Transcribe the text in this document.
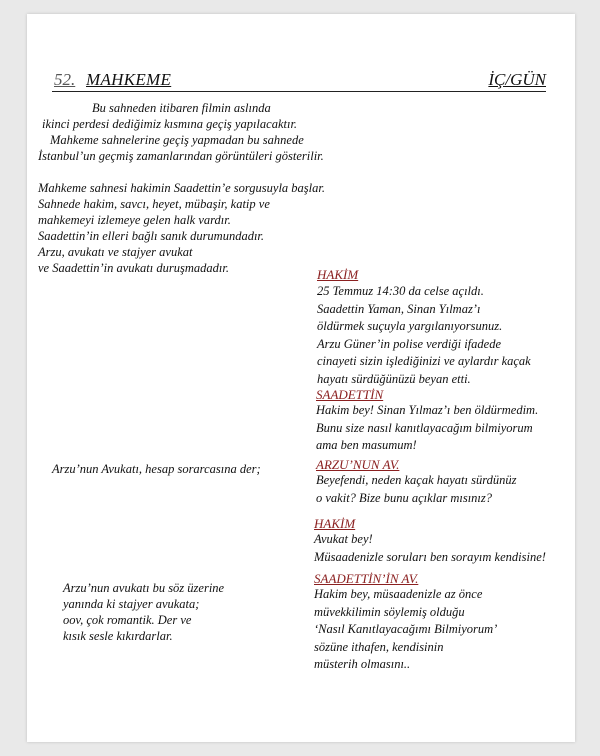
52. MAHKEME	İÇ/GÜN
Bu sahneden itibaren filmin aslında
ikinci perdesi dediğimiz kısmına geçiş yapılacaktır.
Mahkeme sahnelerine geçiş yapmadan bu sahnede
İstanbul’un geçmiş zamanlarından görüntüleri gösterilir.
Mahkeme sahnesi hakimin Saadettin’e sorgusuyla başlar.
Sahnede hakim, savcı, heyet, mübaşir, katip ve
mahkemeyi izlemeye gelen halk vardır.
Saadettin’in elleri bağlı sanık durumundadır.
Arzu, avukatı ve stajyer avukat
ve Saadettin’in avukatı duruşmadadır.
Arzu’nun Avukatı, hesap sorarcasına der;
Arzu’nun avukatı bu söz üzerine
yanında ki stajyer avukata;
oov, çok romantik. Der ve
kısık sesle kıkırdarlar.
HAKİM
25 Temmuz 14:30 da celse açıldı.
Saadettin Yaman, Sinan Yılmaz’ı
öldürmek suçuyla yargılanıyorsunuz.
Arzu Güner’in polise verdiği ifadede
cinayeti sizin işlediğinizi ve aylardır kaçak
hayatı sürdüğünüzü beyan etti.
SAADETTİN
Hakim bey! Sinan Yılmaz’ı ben öldürmedim.
Bunu size nasıl kanıtlayacağım bilmiyorum
ama ben masumum!
ARZU’NUN AV.
Beyefendi, neden kaçak hayatı sürdünüz
o vakit? Bize bunu açıklar mısınız?
HAKİM
Avukat bey!
Müsaadenizle soruları ben sorayım kendisine!
SAADETTİN’İN AV.
Hakim bey, müsaadenizle az önce
müvekkilimin söylemiş olduğu
‘Nasıl Kanıtlayacağımı Bilmiyorum’
sözüne ithafen, kendisinin
müsterih olmasını..
